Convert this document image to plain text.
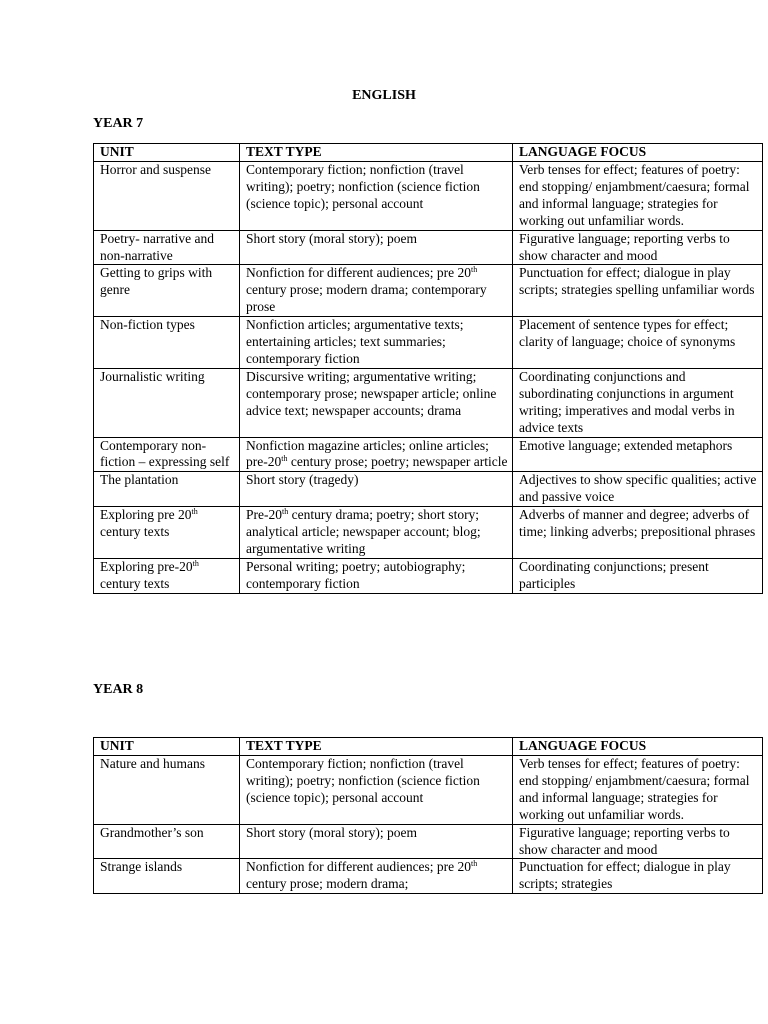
ENGLISH
YEAR 7
UNIT	TEXT TYPE	LANGUAGE FOCUS
Horror and suspense	Contemporary fiction; nonfiction (travel writing); poetry; nonfiction (science fiction (science topic); personal account	Verb tenses for effect; features of poetry: end stopping/ enjambment/caesura; formal and informal language; strategies for working out unfamiliar words.
Poetry- narrative and non-narrative	Short story (moral story); poem	Figurative language; reporting verbs to show character and mood
Getting to grips with genre	Nonfiction for different audiences; pre 20th century prose; modern drama; contemporary prose	Punctuation for effect; dialogue in play scripts; strategies spelling unfamiliar words
Non-fiction types	Nonfiction articles; argumentative texts; entertaining articles; text summaries; contemporary fiction	Placement of sentence types for effect; clarity of language; choice of synonyms
Journalistic writing	Discursive writing; argumentative writing; contemporary prose; newspaper article; online advice text; newspaper accounts; drama	Coordinating conjunctions and subordinating conjunctions in argument writing; imperatives and modal verbs in advice texts
Contemporary non-fiction – expressing self	Nonfiction magazine articles; online articles; pre-20th century prose; poetry; newspaper article	Emotive language; extended metaphors
The plantation	Short story (tragedy)	Adjectives to show specific qualities; active and passive voice
Exploring pre 20th century texts	Pre-20th century drama; poetry; short story; analytical article; newspaper account; blog; argumentative writing	Adverbs of manner and degree; adverbs of time; linking adverbs; prepositional phrases
Exploring pre-20th century texts	Personal writing; poetry; autobiography; contemporary fiction	Coordinating conjunctions; present participles
YEAR 8
UNIT	TEXT TYPE	LANGUAGE FOCUS
Nature and humans	Contemporary fiction; nonfiction (travel writing); poetry; nonfiction (science fiction (science topic); personal account	Verb tenses for effect; features of poetry: end stopping/ enjambment/caesura; formal and informal language; strategies for working out unfamiliar words.
Grandmother’s son	Short story (moral story); poem	Figurative language; reporting verbs to show character and mood
Strange islands	Nonfiction for different audiences; pre 20th century prose; modern drama;	Punctuation for effect; dialogue in play scripts; strategies
